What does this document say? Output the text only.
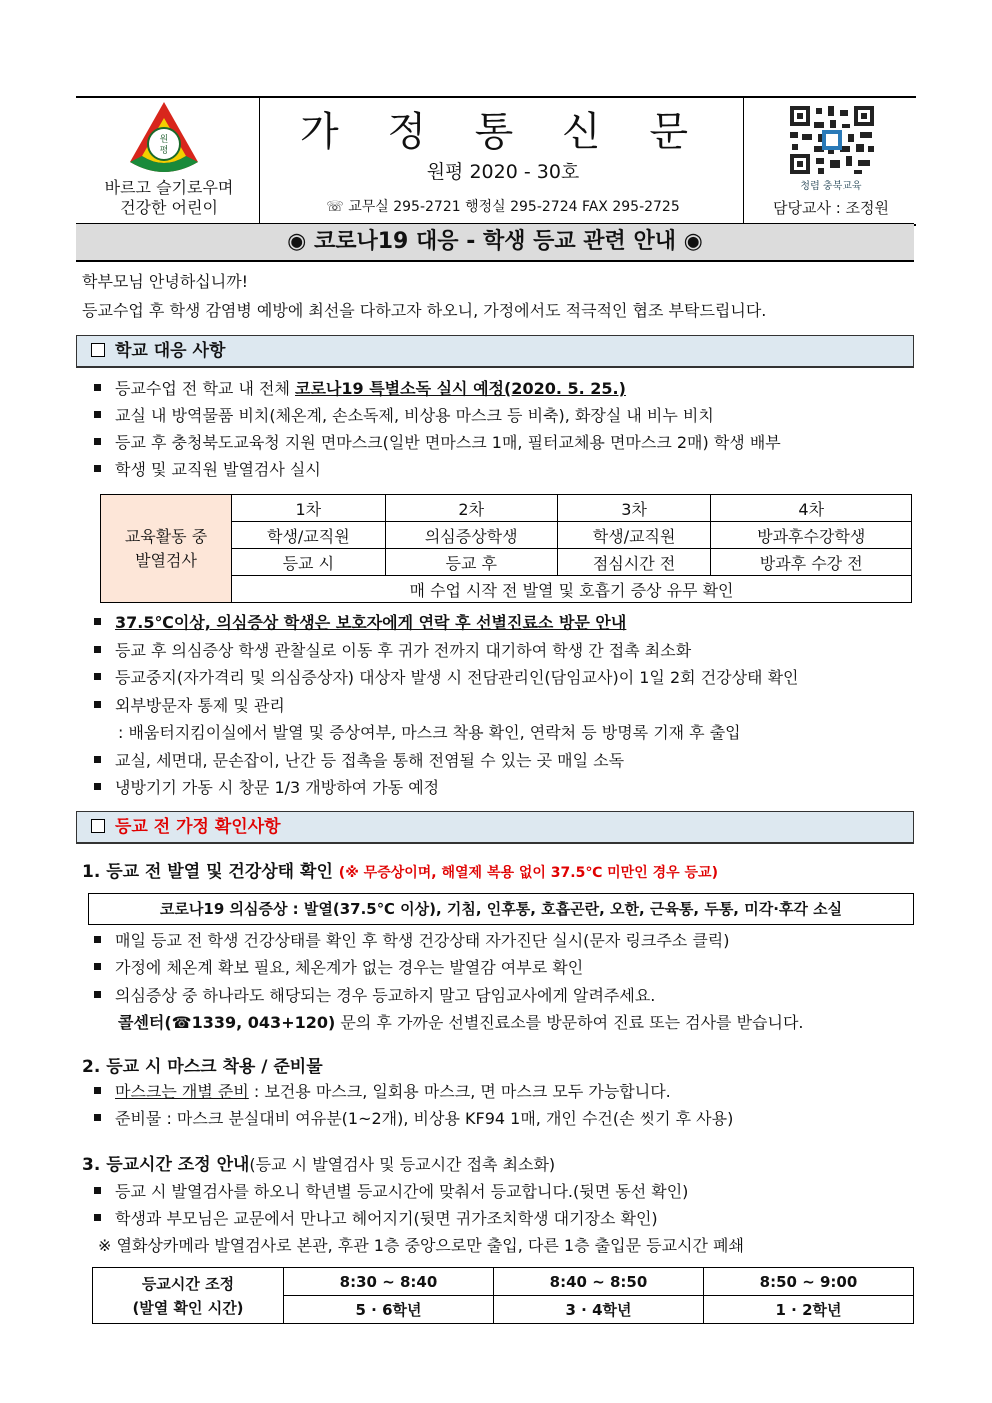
원
평
바르고 슬기로우며
건강한 어린이
가 정 통 신 문
원평 2020 - 30호
☏ 교무실 295-2721 행정실 295-2724 FAX 295-2725
청렴 충북교육
담당교사 : 조정원
◉ 코로나19 대응 - 학생 등교 관련 안내 ◉
학부모님 안녕하십니까!
등교수업 후 학생 감염병 예방에 최선을 다하고자 하오니, 가정에서도 적극적인 협조 부탁드립니다.
학교 대응 사항
등교수업 전 학교 내 전체 코로나19 특별소독 실시 예정(2020. 5. 25.)
교실 내 방역물품 비치(체온계, 손소독제, 비상용 마스크 등 비축), 화장실 내 비누 비치
등교 후 충청북도교육청 지원 면마스크(일반 면마스크 1매, 필터교체용 면마스크 2매) 학생 배부
학생 및 교직원 발열검사 실시
교육활동 중
발열검사	1차	2차	3차	4차
	학생/교직원	의심증상학생	학생/교직원	방과후수강학생
	등교 시	등교 후	점심시간 전	방과후 수강 전
	매 수업 시작 전 발열 및 호흡기 증상 유무 확인			
37.5℃이상, 의심증상 학생은 보호자에게 연락 후 선별진료소 방문 안내
등교 후 의심증상 학생 관찰실로 이동 후 귀가 전까지 대기하여 학생 간 접촉 최소화
등교중지(자가격리 및 의심증상자) 대상자 발생 시 전담관리인(담임교사)이 1일 2회 건강상태 확인
외부방문자 통제 및 관리
: 배움터지킴이실에서 발열 및 증상여부, 마스크 착용 확인, 연락처 등 방명록 기재 후 출입
교실, 세면대, 문손잡이, 난간 등 접촉을 통해 전염될 수 있는 곳 매일 소독
냉방기기 가동 시 창문 1/3 개방하여 가동 예정
등교 전 가정 확인사항
1. 등교 전 발열 및 건강상태 확인 (※ 무증상이며, 해열제 복용 없이 37.5℃ 미만인 경우 등교)
코로나19 의심증상 : 발열(37.5℃ 이상), 기침, 인후통, 호흡곤란, 오한, 근육통, 두통, 미각·후각 소실
매일 등교 전 학생 건강상태를 확인 후 학생 건강상태 자가진단 실시(문자 링크주소 클릭)
가정에 체온계 확보 필요, 체온계가 없는 경우는 발열감 여부로 확인
의심증상 중 하나라도 해당되는 경우 등교하지 말고 담임교사에게 알려주세요.
콜센터(☎1339, 043+120) 문의 후 가까운 선별진료소를 방문하여 진료 또는 검사를 받습니다.
2. 등교 시 마스크 착용 / 준비물
마스크는 개별 준비 : 보건용 마스크, 일회용 마스크, 면 마스크 모두 가능합니다.
준비물 : 마스크 분실대비 여유분(1~2개), 비상용 KF94 1매, 개인 수건(손 씻기 후 사용)
3. 등교시간 조정 안내(등교 시 발열검사 및 등교시간 접촉 최소화)
등교 시 발열검사를 하오니 학년별 등교시간에 맞춰서 등교합니다.(뒷면 동선 확인)
학생과 부모님은 교문에서 만나고 헤어지기(뒷면 귀가조치학생 대기장소 확인)
※ 열화상카메라 발열검사로 본관, 후관 1층 중앙으로만 출입, 다른 1층 출입문 등교시간 폐쇄
등교시간 조정
(발열 확인 시간)	8:30 ~ 8:40	8:40 ~ 8:50	8:50 ~ 9:00
	5 · 6학년	3 · 4학년	1 · 2학년
